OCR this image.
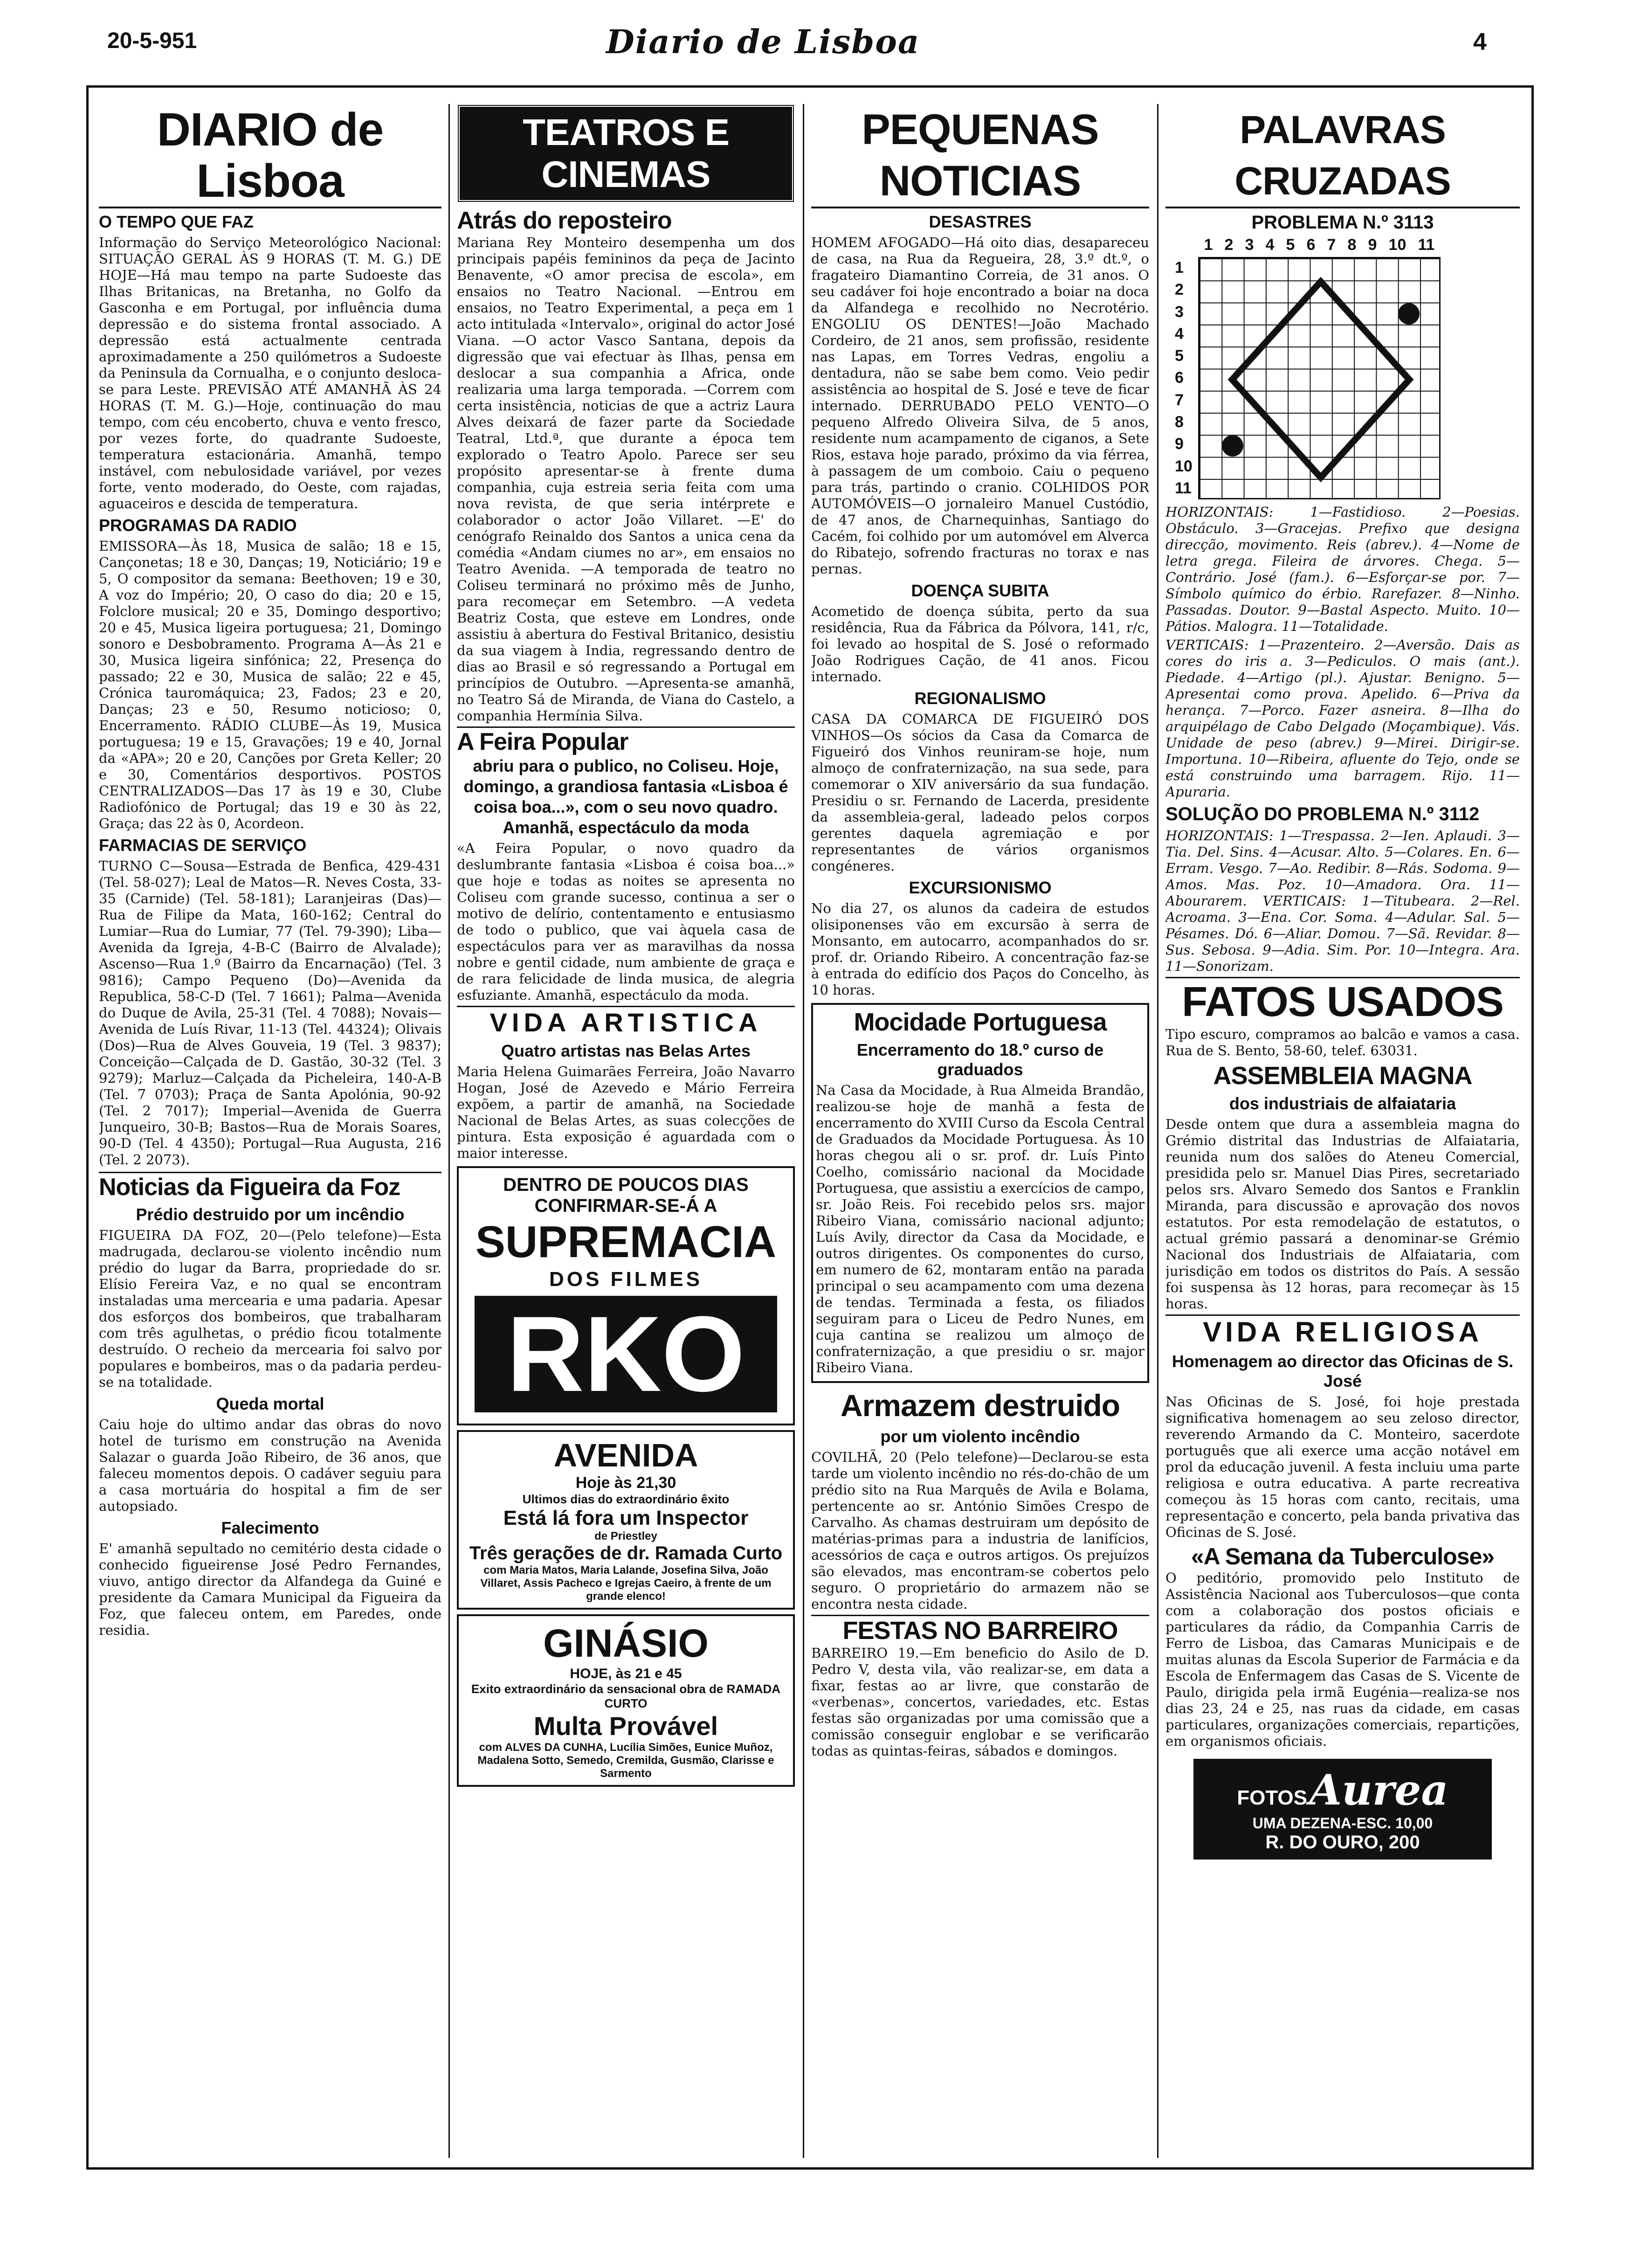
20-5-951	Diario de Lisboa	4
DIARIO de Lisboa
O TEMPO QUE FAZ

Informação do Serviço Meteorológico Nacional: SITUAÇÃO GERAL ÀS 9 HORAS (T. M. G.) DE HOJE—Há mau tempo na parte Sudoeste das Ilhas Britanicas, na Bretanha, no Golfo da Gasconha e em Portugal, por influência duma depressão e do sistema frontal associado. A depressão está actualmente centrada aproximadamente a 250 quilómetros a Sudoeste da Peninsula da Cornualha, e o conjunto desloca-se para Leste. PREVISÃO ATÉ AMANHÃ ÀS 24 HORAS (T. M. G.)—Hoje, continuação do mau tempo, com céu encoberto, chuva e vento fresco, por vezes forte, do quadrante Sudoeste, temperatura estacionária. Amanhã, tempo instável, com nebulosidade variável, por vezes forte, vento moderado, do Oeste, com rajadas, aguaceiros e descida de temperatura.

PROGRAMAS DA RADIO

EMISSORA—Às 18, Musica de salão; 18 e 15, Cançonetas; 18 e 30, Danças; 19, Noticiário; 19 e 5, O compositor da semana: Beethoven; 19 e 30, A voz do Império; 20, O caso do dia; 20 e 15, Folclore musical; 20 e 35, Domingo desportivo; 20 e 45, Musica ligeira portuguesa; 21, Domingo sonoro e Desbobramento. Programa A—Às 21 e 30, Musica ligeira sinfónica; 22, Presença do passado; 22 e 30, Musica de salão; 22 e 45, Crónica tauromáquica; 23, Fados; 23 e 20, Danças; 23 e 50, Resumo noticioso; 0, Encerramento. RÁDIO CLUBE—Às 19, Musica portuguesa; 19 e 15, Gravações; 19 e 40, Jornal da «APA»; 20 e 20, Canções por Greta Keller; 20 e 30, Comentários desportivos. POSTOS CENTRALIZADOS—Das 17 às 19 e 30, Clube Radiofónico de Portugal; das 19 e 30 às 22, Graça; das 22 às 0, Acordeon.

FARMACIAS DE SERVIÇO

TURNO C—Sousa—Estrada de Benfica, 429-431 (Tel. 58-027); Leal de Matos—R. Neves Costa, 33-35 (Carnide) (Tel. 58-181); Laranjeiras (Das)—Rua de Filipe da Mata, 160-162; Central do Lumiar—Rua do Lumiar, 77 (Tel. 79-390); Liba—Avenida da Igreja, 4-B-C (Bairro de Alvalade); Ascenso—Rua 1.º (Bairro da Encarnação) (Tel. 3 9816); Campo Pequeno (Do)—Avenida da Republica, 58-C-D (Tel. 7 1661); Palma—Avenida do Duque de Avila, 25-31 (Tel. 4 7088); Novais—Avenida de Luís Rivar, 11-13 (Tel. 44324); Olivais (Dos)—Rua de Alves Gouveia, 19 (Tel. 3 9837); Conceição—Calçada de D. Gastão, 30-32 (Tel. 3 9279); Marluz—Calçada da Picheleira, 140-A-B (Tel. 7 0703); Praça de Santa Apolónia, 90-92 (Tel. 2 7017); Imperial—Avenida de Guerra Junqueiro, 30-B; Bastos—Rua de Morais Soares, 90-D (Tel. 4 4350); Portugal—Rua Augusta, 216 (Tel. 2 2073).

Noticias da Figueira da Foz
Prédio destruido por um incêndio

FIGUEIRA DA FOZ, 20—(Pelo telefone)—Esta madrugada, declarou-se violento incêndio num prédio do lugar da Barra, propriedade do sr. Elísio Fereira Vaz, e no qual se encontram instaladas uma mercearia e uma padaria. Apesar dos esforços dos bombeiros, que trabalharam com três agulhetas, o prédio ficou totalmente destruído. O recheio da mercearia foi salvo por populares e bombeiros, mas o da padaria perdeu-se na totalidade.

Queda mortal

Caiu hoje do ultimo andar das obras do novo hotel de turismo em construção na Avenida Salazar o guarda João Ribeiro, de 36 anos, que faleceu momentos depois. O cadáver seguiu para a casa mortuária do hospital a fim de ser autopsiado.

Falecimento

E' amanhã sepultado no cemitério desta cidade o conhecido figueirense José Pedro Fernandes, viuvo, antigo director da Alfandega da Guiné e presidente da Camara Municipal da Figueira da Foz, que faleceu ontem, em Paredes, onde residia.

TEATROS E CINEMAS
Atrás do reposteiro

Mariana Rey Monteiro desempenha um dos principais papéis femininos da peça de Jacinto Benavente, «O amor precisa de escola», em ensaios no Teatro Nacional. —Entrou em ensaios, no Teatro Experimental, a peça em 1 acto intitulada «Intervalo», original do actor José Viana. —O actor Vasco Santana, depois da digressão que vai efectuar às Ilhas, pensa em deslocar a sua companhia a Africa, onde realizaria uma larga temporada. —Correm com certa insistência, noticias de que a actriz Laura Alves deixará de fazer parte da Sociedade Teatral, Ltd.ª, que durante a época tem explorado o Teatro Apolo. Parece ser seu propósito apresentar-se à frente duma companhia, cuja estreia seria feita com uma nova revista, de que seria intérprete e colaborador o actor João Villaret. —E' do cenógrafo Reinaldo dos Santos a unica cena da comédia «Andam ciumes no ar», em ensaios no Teatro Avenida. —A temporada de teatro no Coliseu terminará no próximo mês de Junho, para recomeçar em Setembro. —A vedeta Beatriz Costa, que esteve em Londres, onde assistiu à abertura do Festival Britanico, desistiu da sua viagem à India, regressando dentro de dias ao Brasil e só regressando a Portugal em princípios de Outubro. —Apresenta-se amanhã, no Teatro Sá de Miranda, de Viana do Castelo, a companhia Hermínia Silva.

A Feira Popular

abriu para o publico, no Coliseu. Hoje, domingo, a grandiosa fantasia «Lisboa é coisa boa...», com o seu novo quadro. Amanhã, espectáculo da moda

«A Feira Popular, o novo quadro da deslumbrante fantasia «Lisboa é coisa boa...» que hoje e todas as noites se apresenta no Coliseu com grande sucesso, continua a ser o motivo de delírio, contentamento e entusiasmo de todo o publico, que vai àquela casa de espectáculos para ver as maravilhas da nossa nobre e gentil cidade, num ambiente de graça e de rara felicidade de linda musica, de alegria esfuziante. Amanhã, espectáculo da moda.

VIDA ARTISTICA
Quatro artistas nas Belas Artes

Maria Helena Guimarães Ferreira, João Navarro Hogan, José de Azevedo e Mário Ferreira expõem, a partir de amanhã, na Sociedade Nacional de Belas Artes, as suas colecções de pintura. Esta exposição é aguardada com o maior interesse.

DENTRO DE POUCOS DIAS
CONFIRMAR-SE-Á A
SUPREMACIA
DOS FILMES
RKO
AVENIDA
Hoje às 21,30
Ultimos dias do extraordinário êxito
Está lá fora um Inspector
de Priestley
Três gerações de dr. Ramada Curto
com Maria Matos, Maria Lalande, Josefina Silva, João Villaret, Assis Pacheco e Igrejas Caeiro, à frente de um grande elenco!
GINÁSIO
HOJE, às 21 e 45
Exito extraordinário da sensacional obra de RAMADA CURTO
Multa Provável
com ALVES DA CUNHA, Lucília Simões, Eunice Muñoz, Madalena Sotto, Semedo, Cremilda, Gusmão, Clarisse e Sarmento
PEQUENAS NOTICIAS
DESASTRES

HOMEM AFOGADO—Há oito dias, desapareceu de casa, na Rua da Regueira, 28, 3.º dt.º, o fragateiro Diamantino Correia, de 31 anos. O seu cadáver foi hoje encontrado a boiar na doca da Alfandega e recolhido no Necrotério. ENGOLIU OS DENTES!—João Machado Cordeiro, de 21 anos, sem profissão, residente nas Lapas, em Torres Vedras, engoliu a dentadura, não se sabe bem como. Veio pedir assistência ao hospital de S. José e teve de ficar internado. DERRUBADO PELO VENTO—O pequeno Alfredo Oliveira Silva, de 5 anos, residente num acampamento de ciganos, a Sete Rios, estava hoje parado, próximo da via férrea, à passagem de um comboio. Caiu o pequeno para trás, partindo o cranio. COLHIDOS POR AUTOMÓVEIS—O jornaleiro Manuel Custódio, de 47 anos, de Charnequinhas, Santiago do Cacém, foi colhido por um automóvel em Alverca do Ribatejo, sofrendo fracturas no torax e nas pernas.

DOENÇA SUBITA

Acometido de doença súbita, perto da sua residência, Rua da Fábrica da Pólvora, 141, r/c, foi levado ao hospital de S. José o reformado João Rodrigues Cação, de 41 anos. Ficou internado.

REGIONALISMO

CASA DA COMARCA DE FIGUEIRÓ DOS VINHOS—Os sócios da Casa da Comarca de Figueiró dos Vinhos reuniram-se hoje, num almoço de confraternização, na sua sede, para comemorar o XIV aniversário da sua fundação. Presidiu o sr. Fernando de Lacerda, presidente da assembleia-geral, ladeado pelos corpos gerentes daquela agremiação e por representantes de vários organismos congéneres.

EXCURSIONISMO

No dia 27, os alunos da cadeira de estudos olisiponenses vão em excursão à serra de Monsanto, em autocarro, acompanhados do sr. prof. dr. Oriando Ribeiro. A concentração faz-se à entrada do edifício dos Paços do Concelho, às 10 horas.

Mocidade Portuguesa
Encerramento do 18.º curso de graduados

Na Casa da Mocidade, à Rua Almeida Brandão, realizou-se hoje de manhã a festa de encerramento do XVIII Curso da Escola Central de Graduados da Mocidade Portuguesa. Às 10 horas chegou ali o sr. prof. dr. Luís Pinto Coelho, comissário nacional da Mocidade Portuguesa, que assistiu a exercícios de campo, sr. João Reis. Foi recebido pelos srs. major Ribeiro Viana, comissário nacional adjunto; Luís Avily, director da Casa da Mocidade, e outros dirigentes. Os componentes do curso, em numero de 62, montaram então na parada principal o seu acampamento com uma dezena de tendas. Terminada a festa, os filiados seguiram para o Liceu de Pedro Nunes, em cuja cantina se realizou um almoço de confraternização, a que presidiu o sr. major Ribeiro Viana.

Armazem destruido
por um violento incêndio

COVILHÃ, 20 (Pelo telefone)—Declarou-se esta tarde um violento incêndio no rés-do-chão de um prédio sito na Rua Marquês de Avila e Bolama, pertencente ao sr. António Simões Crespo de Carvalho. As chamas destruiram um depósito de matérias-primas para a industria de lanifícios, acessórios de caça e outros artigos. Os prejuízos são elevados, mas encontram-se cobertos pelo seguro. O proprietário do armazem não se encontra nesta cidade.

FESTAS NO BARREIRO

BARREIRO 19.—Em beneficio do Asilo de D. Pedro V, desta vila, vão realizar-se, em data a fixar, festas ao ar livre, que constarão de «verbenas», concertos, variedades, etc. Estas festas são organizadas por uma comissão que a comissão conseguir englobar e se verificarão todas as quintas-feiras, sábados e domingos.

PALAVRAS CRUZADAS
PROBLEMA N.º 3113
1 2 3 4 5 6 7 8 9 10 11
1
2
3
4
5
6
7
8
9
10
11

HORIZONTAIS: 1—Fastidioso. 2—Poesias. Obstáculo. 3—Gracejas. Prefixo que designa direcção, movimento. Reis (abrev.). 4—Nome de letra grega. Fileira de árvores. Chega. 5—Contrário. José (fam.). 6—Esforçar-se por. 7—Símbolo químico do érbio. Rarefazer. 8—Ninho. Passadas. Doutor. 9—Bastal Aspecto. Muito. 10—Pátios. Malogra. 11—Totalidade.

VERTICAIS: 1—Prazenteiro. 2—Aversão. Dais as cores do iris a. 3—Pediculos. O mais (ant.). Piedade. 4—Artigo (pl.). Ajustar. Benigno. 5—Apresentai como prova. Apelido. 6—Priva da herança. 7—Porco. Fazer asneira. 8—Ilha do arquipélago de Cabo Delgado (Moçambique). Vás. Unidade de peso (abrev.) 9—Mirei. Dirigir-se. Importuna. 10—Ribeira, afluente do Tejo, onde se está construindo uma barragem. Rijo. 11—Apuraria.

SOLUÇÃO DO PROBLEMA N.º 3112

HORIZONTAIS: 1—Trespassa. 2—Ien. Aplaudi. 3—Tia. Del. Sins. 4—Acusar. Alto. 5—Colares. En. 6—Erram. Vesgo. 7—Ao. Redibir. 8—Rás. Sodoma. 9—Amos. Mas. Poz. 10—Amadora. Ora. 11—Abourarem. VERTICAIS: 1—Titubeara. 2—Rel. Acroama. 3—Ena. Cor. Soma. 4—Adular. Sal. 5—Pésames. Dó. 6—Aliar. Domou. 7—Sã. Revidar. 8—Sus. Sebosa. 9—Adia. Sim. Por. 10—Integra. Ara. 11—Sonorizam.

FATOS USADOS

Tipo escuro, compramos ao balcão e vamos a casa. Rua de S. Bento, 58-60, telef. 63031.

ASSEMBLEIA MAGNA
dos industriais de alfaiataria

Desde ontem que dura a assembleia magna do Grémio distrital das Industrias de Alfaiataria, reunida num dos salões do Ateneu Comercial, presidida pelo sr. Manuel Dias Pires, secretariado pelos srs. Alvaro Semedo dos Santos e Franklin Miranda, para discussão e aprovação dos novos estatutos. Por esta remodelação de estatutos, o actual grémio passará a denominar-se Grémio Nacional dos Industriais de Alfaiataria, com jurisdição em todos os distritos do País. A sessão foi suspensa às 12 horas, para recomeçar às 15 horas.

VIDA RELIGIOSA
Homenagem ao director das Oficinas de S. José

Nas Oficinas de S. José, foi hoje prestada significativa homenagem ao seu zeloso director, reverendo Armando da C. Monteiro, sacerdote português que ali exerce uma acção notável em prol da educação juvenil. A festa incluiu uma parte religiosa e outra educativa. A parte recreativa começou às 15 horas com canto, recitais, uma representação e concerto, pela banda privativa das Oficinas de S. José.

«A Semana da Tuberculose»

O peditório, promovido pelo Instituto de Assistência Nacional aos Tuberculosos—que conta com a colaboração dos postos oficiais e particulares da rádio, da Companhia Carris de Ferro de Lisboa, das Camaras Municipais e de muitas alunas da Escola Superior de Farmácia e da Escola de Enfermagem das Casas de S. Vicente de Paulo, dirigida pela irmã Eugénia—realiza-se nos dias 23, 24 e 25, nas ruas da cidade, em casas particulares, organizações comerciais, repartições, em organismos oficiais.

FOTOS Aurea
UMA DEZENA-ESC. 10,00
R. DO OURO, 200
